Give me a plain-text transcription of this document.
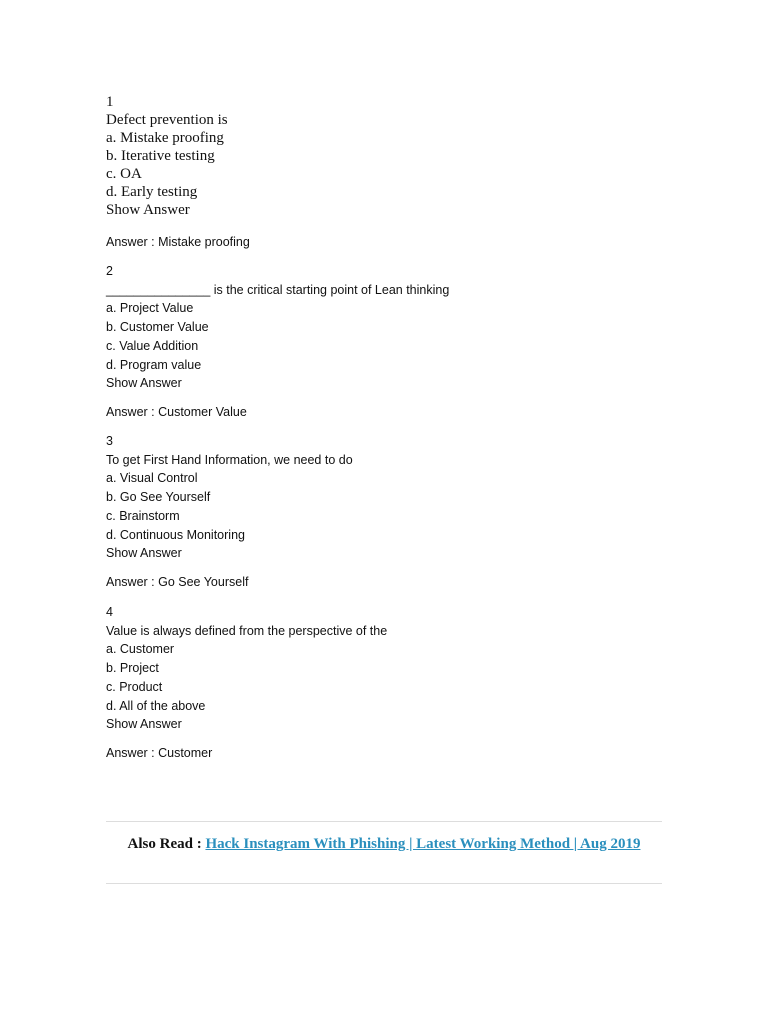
1
Defect prevention is
a. Mistake proofing
b. Iterative testing
c. OA
d. Early testing
Show Answer
Answer : Mistake proofing
2
_______________ is the critical starting point of Lean thinking
a. Project Value
b. Customer Value
c. Value Addition
d. Program value
Show Answer
Answer : Customer Value
3
To get First Hand Information, we need to do
a. Visual Control
b. Go See Yourself
c. Brainstorm
d. Continuous Monitoring
Show Answer
Answer : Go See Yourself
4
Value is always defined from the perspective of the
a. Customer
b. Project
c. Product
d. All of the above
Show Answer
Answer : Customer
Also Read : Hack Instagram With Phishing | Latest Working Method | Aug 2019
